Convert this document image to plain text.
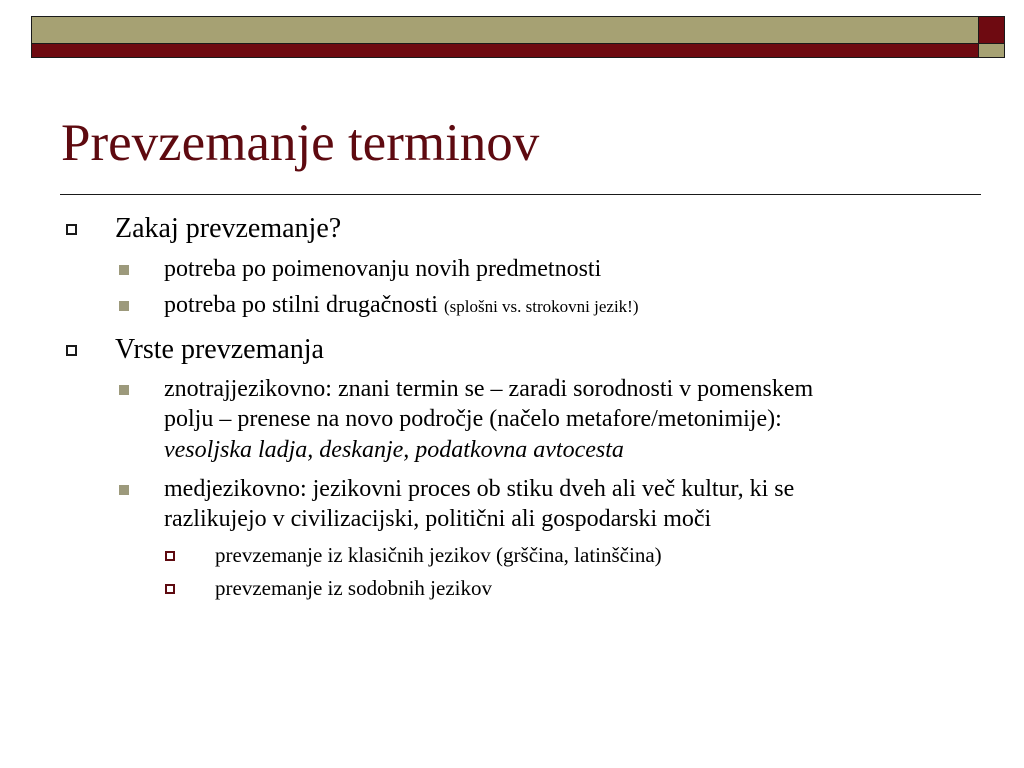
Prevzemanje terminov
Zakaj prevzemanje?
potreba po poimenovanju novih predmetnosti
potreba po stilni drugačnosti (splošni vs. strokovni jezik!)
Vrste prevzemanja
znotrajjezikovno: znani termin se – zaradi sorodnosti v pomenskem
polju – prenese na novo področje (načelo metafore/metonimije):
vesoljska ladja, deskanje, podatkovna avtocesta
medjezikovno: jezikovni proces ob stiku dveh ali več kultur, ki se
razlikujejo v civilizacijski, politični ali gospodarski moči
prevzemanje iz klasičnih jezikov (grščina, latinščina)
prevzemanje iz sodobnih jezikov
